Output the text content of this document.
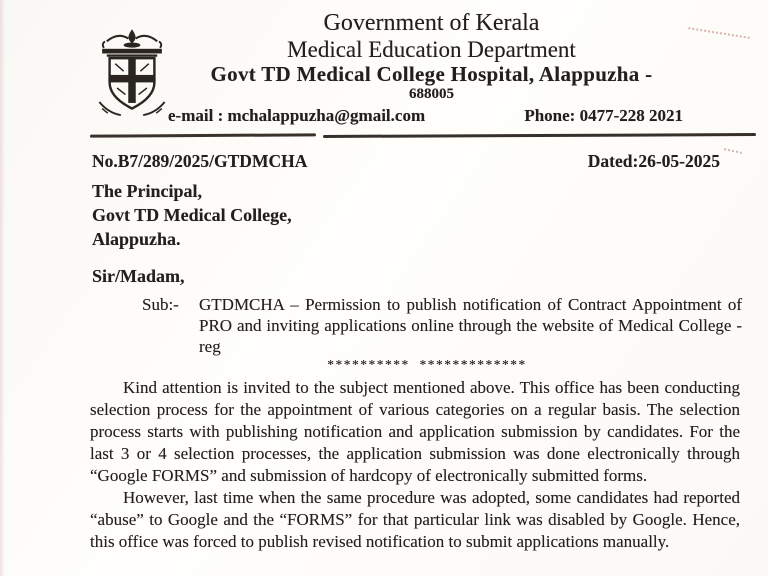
Government of Kerala
Medical Education Department
Govt TD Medical College Hospital, Alappuzha -
688005
e-mail : mchalappuzha@gmail.com	Phone: 0477-228 2021
No.B7/289/2025/GTDMCHA	Dated:26-05-2025
The Principal,
Govt TD Medical College,
Alappuzha.
Sir/Madam,
Sub:-	GTDMCHA – Permission to publish notification of Contract Appointment of PRO and inviting applications online through the website of Medical College - reg
**********  *************

Kind attention is invited to the subject mentioned above. This office has been conducting selection process for the appointment of various categories on a regular basis. The selection process starts with publishing notification and application submission by candidates. For the last 3 or 4 selection processes, the application submission was done electronically through “Google FORMS” and submission of hardcopy of electronically submitted forms.

However, last time when the same procedure was adopted, some candidates had reported “abuse” to Google and the “FORMS” for that particular link was disabled by Google. Hence, this office was forced to publish revised notification to submit applications manually.
